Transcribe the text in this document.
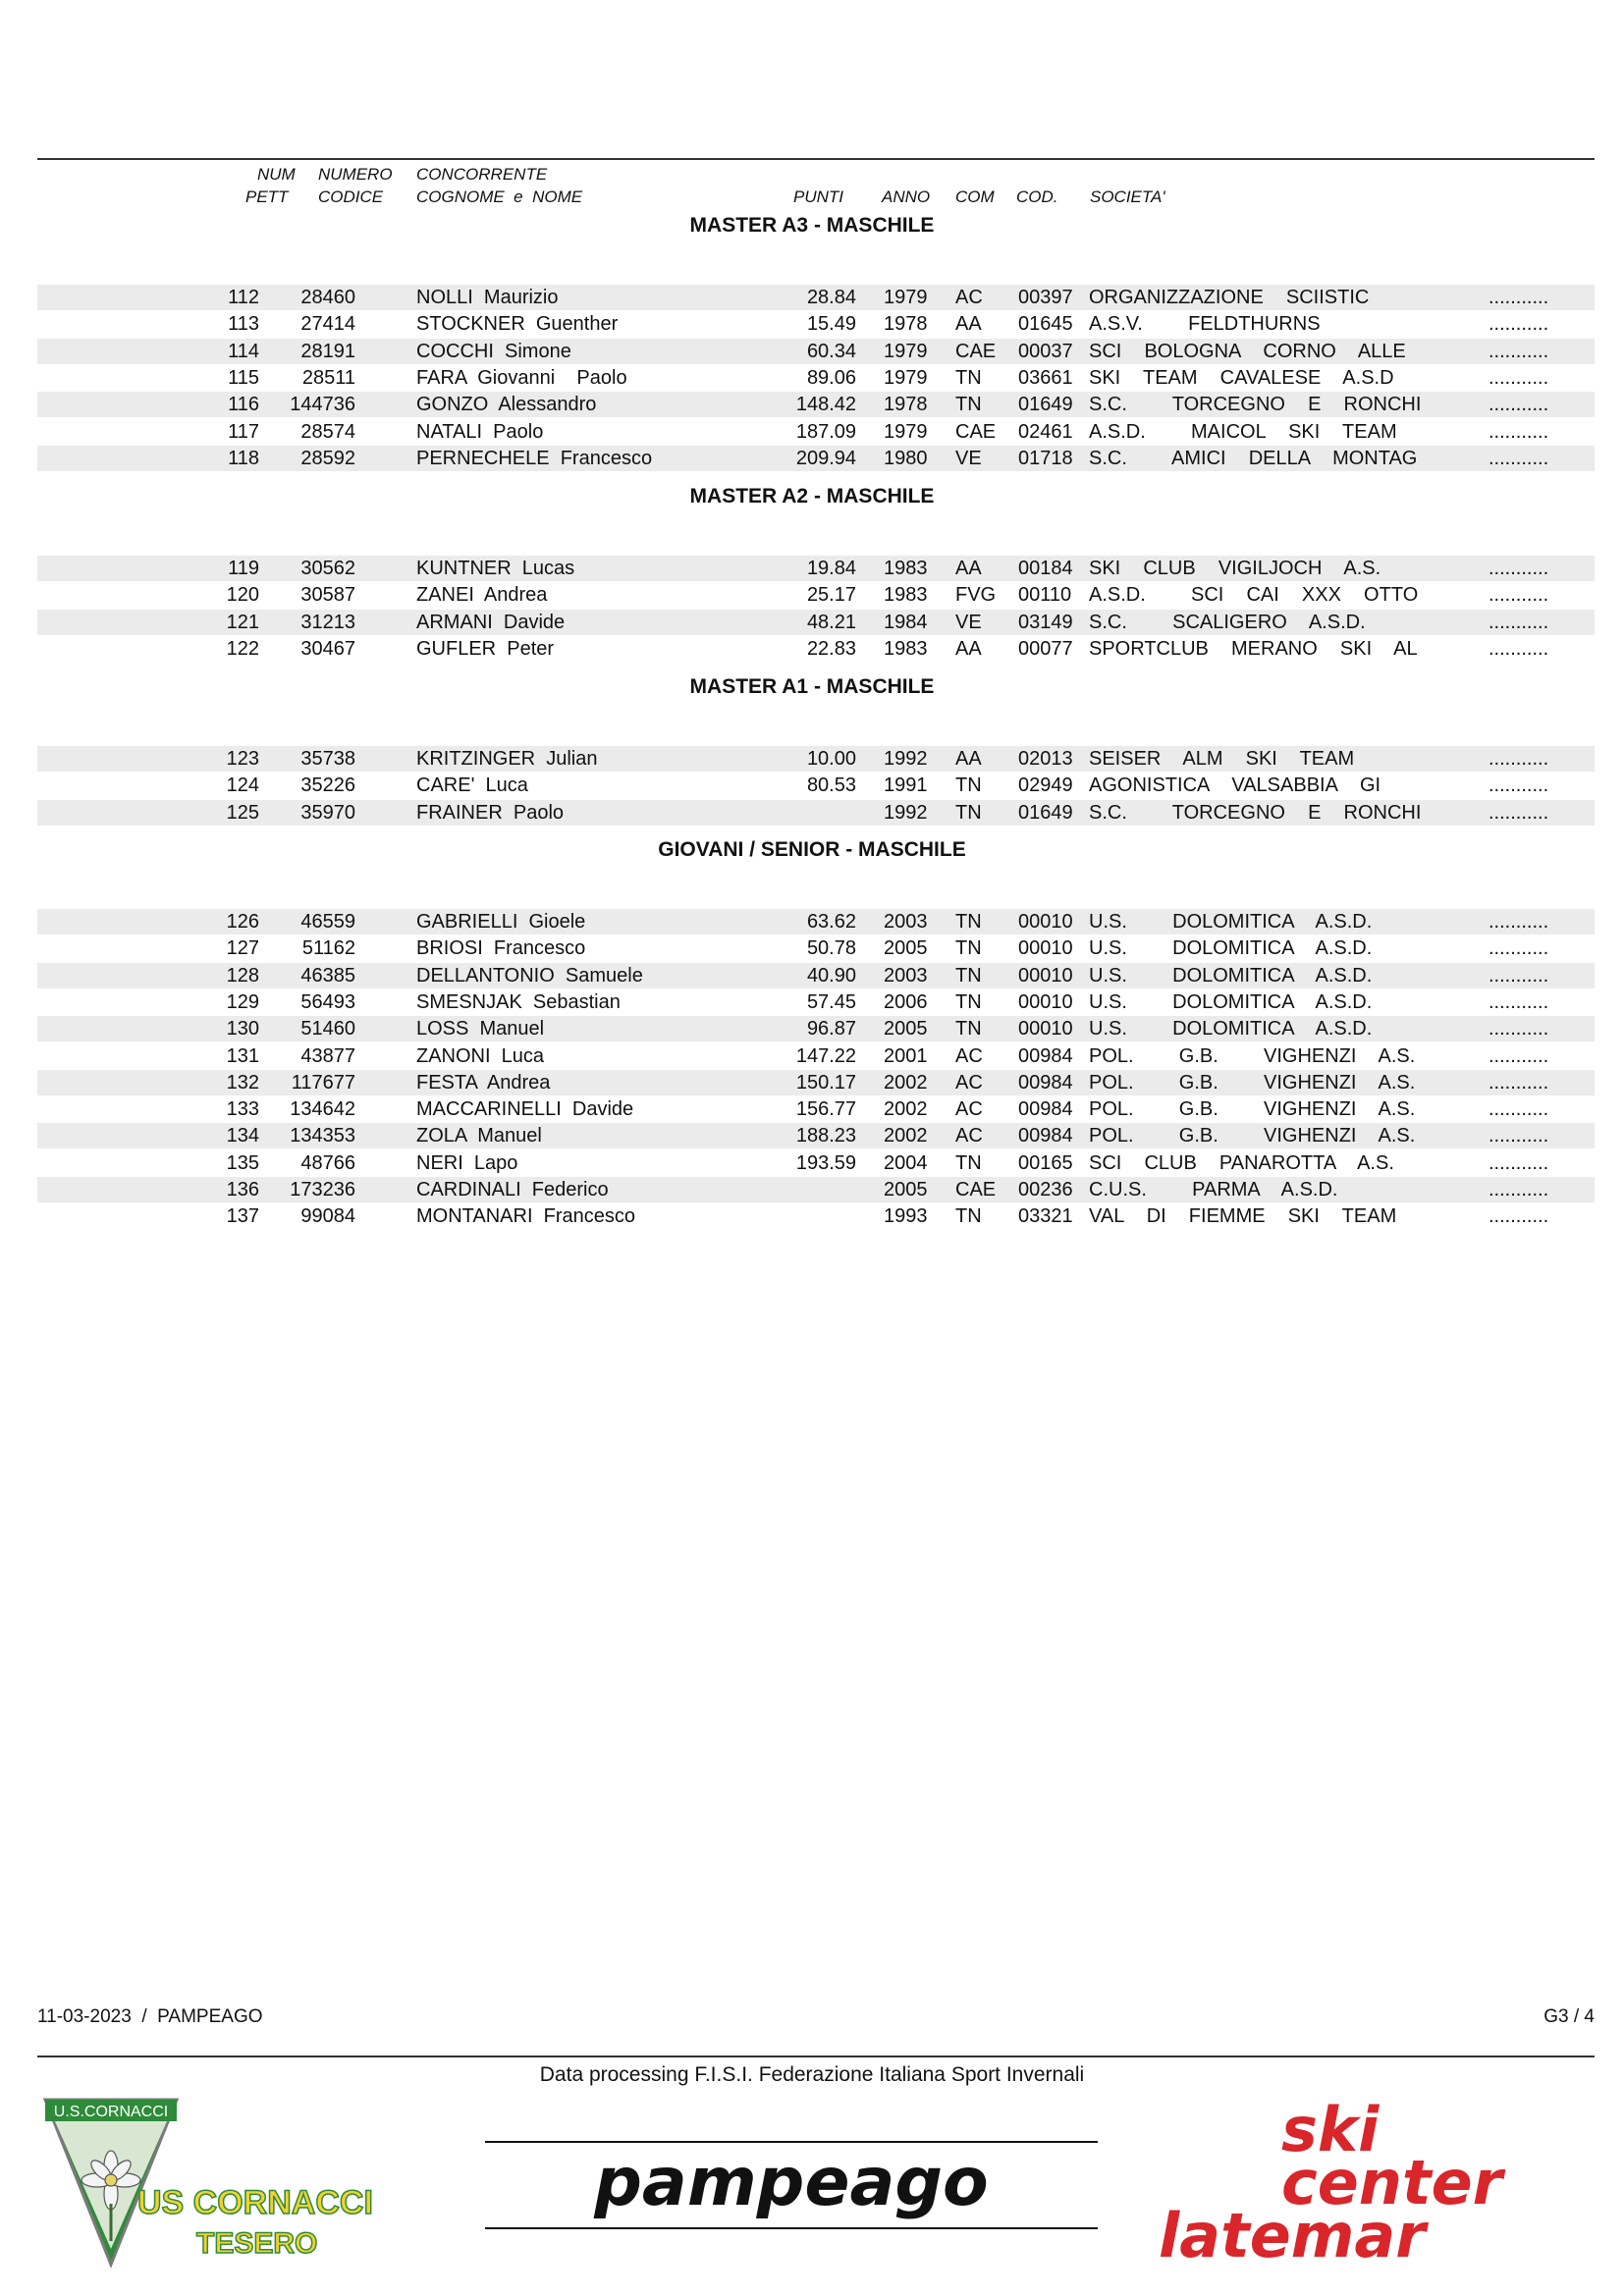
NUM
PETT
NUMERO
CODICE
CONCORRENTE
COGNOME  e  NOME	PUNTI ANNO COM COD. SOCIETA'
MASTER A3 - MASCHILE
112 28460	NOLLI  Maurizio	28.84 1979 AC 00397 ORGANIZZAZIONE  SCIISTIC	...........
113 27414	STOCKNER  Guenther	15.49 1978 AA 01645 A.S.V.    FELDTHURNS	...........
114 28191	COCCHI  Simone	60.34 1979 CAE 00037 SCI  BOLOGNA  CORNO  ALLE	...........
115 28511	FARA  Giovanni    Paolo	89.06 1979 TN 03661 SKI  TEAM  CAVALESE  A.S.D	...........
116 144736	GONZO  Alessandro	148.42 1978 TN 01649 S.C.    TORCEGNO  E  RONCHI	...........
117 28574	NATALI  Paolo	187.09 1979 CAE 02461 A.S.D.    MAICOL  SKI  TEAM	...........
118 28592	PERNECHELE  Francesco	209.94 1980 VE 01718 S.C.    AMICI  DELLA  MONTAG	...........
MASTER A2 - MASCHILE
119 30562	KUNTNER  Lucas	19.84 1983 AA 00184 SKI  CLUB  VIGILJOCH  A.S.	...........
120 30587	ZANEI  Andrea	25.17 1983 FVG 00110 A.S.D.    SCI  CAI  XXX  OTTO	...........
121 31213	ARMANI  Davide	48.21 1984 VE 03149 S.C.    SCALIGERO  A.S.D.	...........
122 30467	GUFLER  Peter	22.83 1983 AA 00077 SPORTCLUB  MERANO  SKI  AL	...........
MASTER A1 - MASCHILE
123 35738	KRITZINGER  Julian	10.00 1992 AA 02013 SEISER  ALM  SKI  TEAM	...........
124 35226	CARE'  Luca	80.53 1991 TN 02949 AGONISTICA  VALSABBIA  GI	...........
125 35970	FRAINER  Paolo	1992 TN 01649 S.C.    TORCEGNO  E  RONCHI	...........
GIOVANI / SENIOR - MASCHILE
126 46559	GABRIELLI  Gioele	63.62 2003 TN 00010 U.S.    DOLOMITICA  A.S.D.	...........
127 51162	BRIOSI  Francesco	50.78 2005 TN 00010 U.S.    DOLOMITICA  A.S.D.	...........
128 46385	DELLANTONIO  Samuele	40.90 2003 TN 00010 U.S.    DOLOMITICA  A.S.D.	...........
129 56493	SMESNJAK  Sebastian	57.45 2006 TN 00010 U.S.    DOLOMITICA  A.S.D.	...........
130 51460	LOSS  Manuel	96.87 2005 TN 00010 U.S.    DOLOMITICA  A.S.D.	...........
131 43877	ZANONI  Luca	147.22 2001 AC 00984 POL.    G.B.    VIGHENZI  A.S.	...........
132 117677	FESTA  Andrea	150.17 2002 AC 00984 POL.    G.B.    VIGHENZI  A.S.	...........
133 134642	MACCARINELLI  Davide	156.77 2002 AC 00984 POL.    G.B.    VIGHENZI  A.S.	...........
134 134353	ZOLA  Manuel	188.23 2002 AC 00984 POL.    G.B.    VIGHENZI  A.S.	...........
135 48766	NERI  Lapo	193.59 2004 TN 00165 SCI  CLUB  PANAROTTA  A.S.	...........
136 173236	CARDINALI  Federico	2005 CAE 00236 C.U.S.    PARMA  A.S.D.	...........
137 99084	MONTANARI  Francesco	1993 TN 03321 VAL  DI  FIEMME  SKI  TEAM	...........
11-03-2023  /  PAMPEAGO	G3 / 4
Data processing F.I.S.I. Federazione Italiana Sport Invernali
U.S.CORNACCI
US CORNACCI
TESERO
pampeago
ski
center
latemar
